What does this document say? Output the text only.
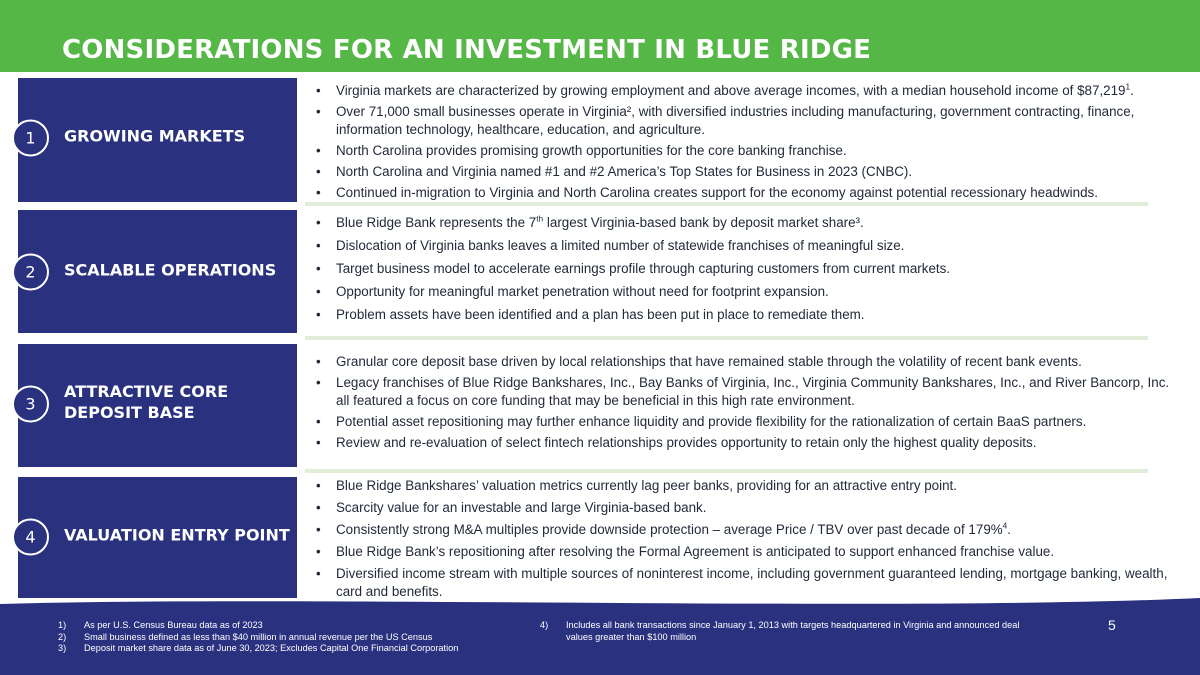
CONSIDERATIONS FOR AN INVESTMENT IN BLUE RIDGE
GROWING MARKETS
1
• Virginia markets are characterized by growing employment and above average incomes, with a median household income of $87,219$^1$.
• Over 71,000 small businesses operate in Virginia², with diversified industries including manufacturing, government contracting, finance, information technology, healthcare, education, and agriculture.
• North Carolina provides promising growth opportunities for the core banking franchise.
• North Carolina and Virginia named #1 and #2 America’s Top States for Business in 2023 (CNBC).
• Continued in-migration to Virginia and North Carolina creates support for the economy against potential recessionary headwinds.
SCALABLE OPERATIONS
2
• Blue Ridge Bank represents the 7th largest Virginia-based bank by deposit market share³.
• Dislocation of Virginia banks leaves a limited number of statewide franchises of meaningful size.
• Target business model to accelerate earnings profile through capturing customers from current markets.
• Opportunity for meaningful market penetration without need for footprint expansion.
• Problem assets have been identified and a plan has been put in place to remediate them.
ATTRACTIVE CORE DEPOSIT BASE
3
• Granular core deposit base driven by local relationships that have remained stable through the volatility of recent bank events.
• Legacy franchises of Blue Ridge Bankshares, Inc., Bay Banks of Virginia, Inc., Virginia Community Bankshares, Inc., and River Bancorp, Inc. all featured a focus on core funding that may be beneficial in this high rate environment.
• Potential asset repositioning may further enhance liquidity and provide flexibility for the rationalization of certain BaaS partners.
• Review and re-evaluation of select fintech relationships provides opportunity to retain only the highest quality deposits.
VALUATION ENTRY POINT
4
• Blue Ridge Bankshares’ valuation metrics currently lag peer banks, providing for an attractive entry point.
• Scarcity value for an investable and large Virginia-based bank.
• Consistently strong M&A multiples provide downside protection – average Price / TBV over past decade of 179%$^4$.
• Blue Ridge Bank’s repositioning after resolving the Formal Agreement is anticipated to support enhanced franchise value.
• Diversified income stream with multiple sources of noninterest income, including government guaranteed lending, mortgage banking, wealth, card and benefits.
1) As per U.S. Census Bureau data as of 2023
2) Small business defined as less than $40 million in annual revenue per the US Census
3) Deposit market share data as of June 30, 2023; Excludes Capital One Financial Corporation
4) Includes all bank transactions since January 1, 2013 with targets headquartered in Virginia and announced deal values greater than $100 million
5
